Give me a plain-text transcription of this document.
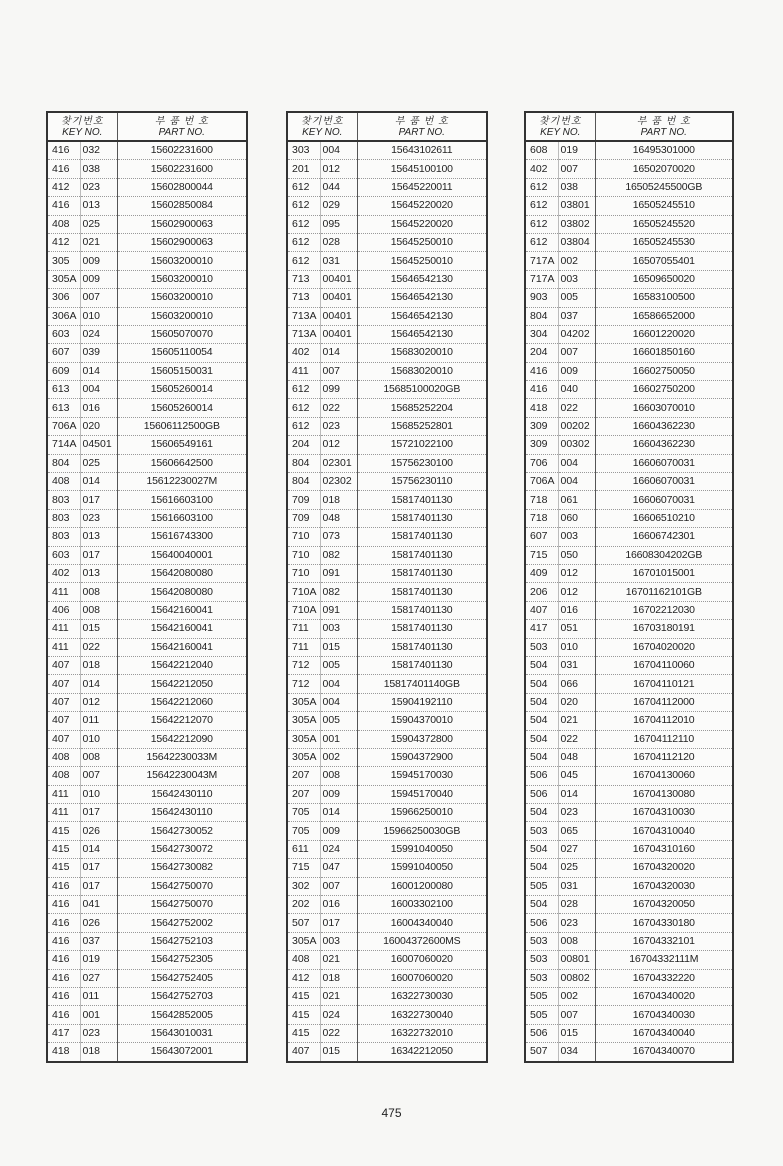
찾기번호
KEY NO.		부 품 번 호
PART NO.

416	032	15602231600
416	038	15602231600
412	023	15602800044
416	013	15602850084
408	025	15602900063
412	021	15602900063
305	009	15603200010
305A	009	15603200010
306	007	15603200010
306A	010	15603200010
603	024	15605070070
607	039	15605110054
609	014	15605150031
613	004	15605260014
613	016	15605260014
706A	020	15606112500GB
714A	04501	15606549161
804	025	15606642500
408	014	15612230027M
803	017	15616603100
803	023	15616603100
803	013	15616743300
603	017	15640040001
402	013	15642080080
411	008	15642080080
406	008	15642160041
411	015	15642160041
411	022	15642160041
407	018	15642212040
407	014	15642212050
407	012	15642212060
407	011	15642212070
407	010	15642212090
408	008	15642230033M
408	007	15642230043M
411	010	15642430110
411	017	15642430110
415	026	15642730052
415	014	15642730072
415	017	15642730082
416	017	15642750070
416	041	15642750070
416	026	15642752002
416	037	15642752103
416	019	15642752305
416	027	15642752405
416	011	15642752703
416	001	15642852005
417	023	15643010031
418	018	15643072001
찾기번호
KEY NO.		부 품 번 호
PART NO.

303	004	15643102611
201	012	15645100100
612	044	15645220011
612	029	15645220020
612	095	15645220020
612	028	15645250010
612	031	15645250010
713	00401	15646542130
713	00401	15646542130
713A	00401	15646542130
713A	00401	15646542130
402	014	15683020010
411	007	15683020010
612	099	15685100020GB
612	022	15685252204
612	023	15685252801
204	012	15721022100
804	02301	15756230100
804	02302	15756230110
709	018	15817401130
709	048	15817401130
710	073	15817401130
710	082	15817401130
710	091	15817401130
710A	082	15817401130
710A	091	15817401130
711	003	15817401130
711	015	15817401130
712	005	15817401130
712	004	15817401140GB
305A	004	15904192110
305A	005	15904370010
305A	001	15904372800
305A	002	15904372900
207	008	15945170030
207	009	15945170040
705	014	15966250010
705	009	15966250030GB
611	024	15991040050
715	047	15991040050
302	007	16001200080
202	016	16003302100
507	017	16004340040
305A	003	16004372600MS
408	021	16007060020
412	018	16007060020
415	021	16322730030
415	024	16322730040
415	022	16322732010
407	015	16342212050
찾기번호
KEY NO.		부 품 번 호
PART NO.

608	019	16495301000
402	007	16502070020
612	038	16505245500GB
612	03801	16505245510
612	03802	16505245520
612	03804	16505245530
717A	002	16507055401
717A	003	16509650020
903	005	16583100500
804	037	16586652000
304	04202	16601220020
204	007	16601850160
416	009	16602750050
416	040	16602750200
418	022	16603070010
309	00202	16604362230
309	00302	16604362230
706	004	16606070031
706A	004	16606070031
718	061	16606070031
718	060	16606510210
607	003	16606742301
715	050	16608304202GB
409	012	16701015001
206	012	16701162101GB
407	016	16702212030
417	051	16703180191
503	010	16704020020
504	031	16704110060
504	066	16704110121
504	020	16704112000
504	021	16704112010
504	022	16704112110
504	048	16704112120
506	045	16704130060
506	014	16704130080
504	023	16704310030
503	065	16704310040
504	027	16704310160
504	025	16704320020
505	031	16704320030
504	028	16704320050
506	023	16704330180
503	008	16704332101
503	00801	16704332111M
503	00802	16704332220
505	002	16704340020
505	007	16704340030
506	015	16704340040
507	034	16704340070
475
